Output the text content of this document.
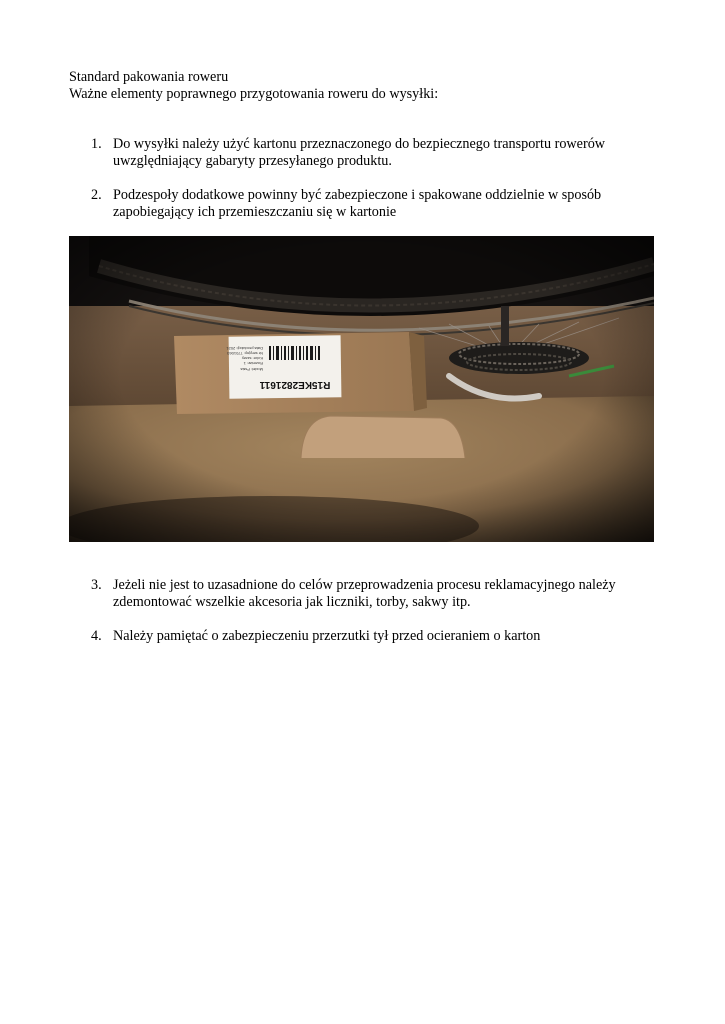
Standard pakowania roweru
Ważne elementy poprawnego przygotowania roweru do wysyłki:
1. Do wysyłki należy użyć kartonu przeznaczonego do bezpiecznego transportu rowerów
uwzględniający gabaryty przesyłanego produktu.
2. Podzespoły dodatkowe powinny być zabezpieczone i spakowane oddzielnie w sposób
zapobiegający ich przemieszczaniu się w kartonie
3. Jeżeli nie jest to uzasadnione do celów przeprowadzenia procesu reklamacyjnego należy
zdemontować wszelkie akcesoria jak liczniki, torby, sakwy itp.
4. Należy pamiętać o zabezpieczeniu przerzutki tył przed ocieraniem o karton
